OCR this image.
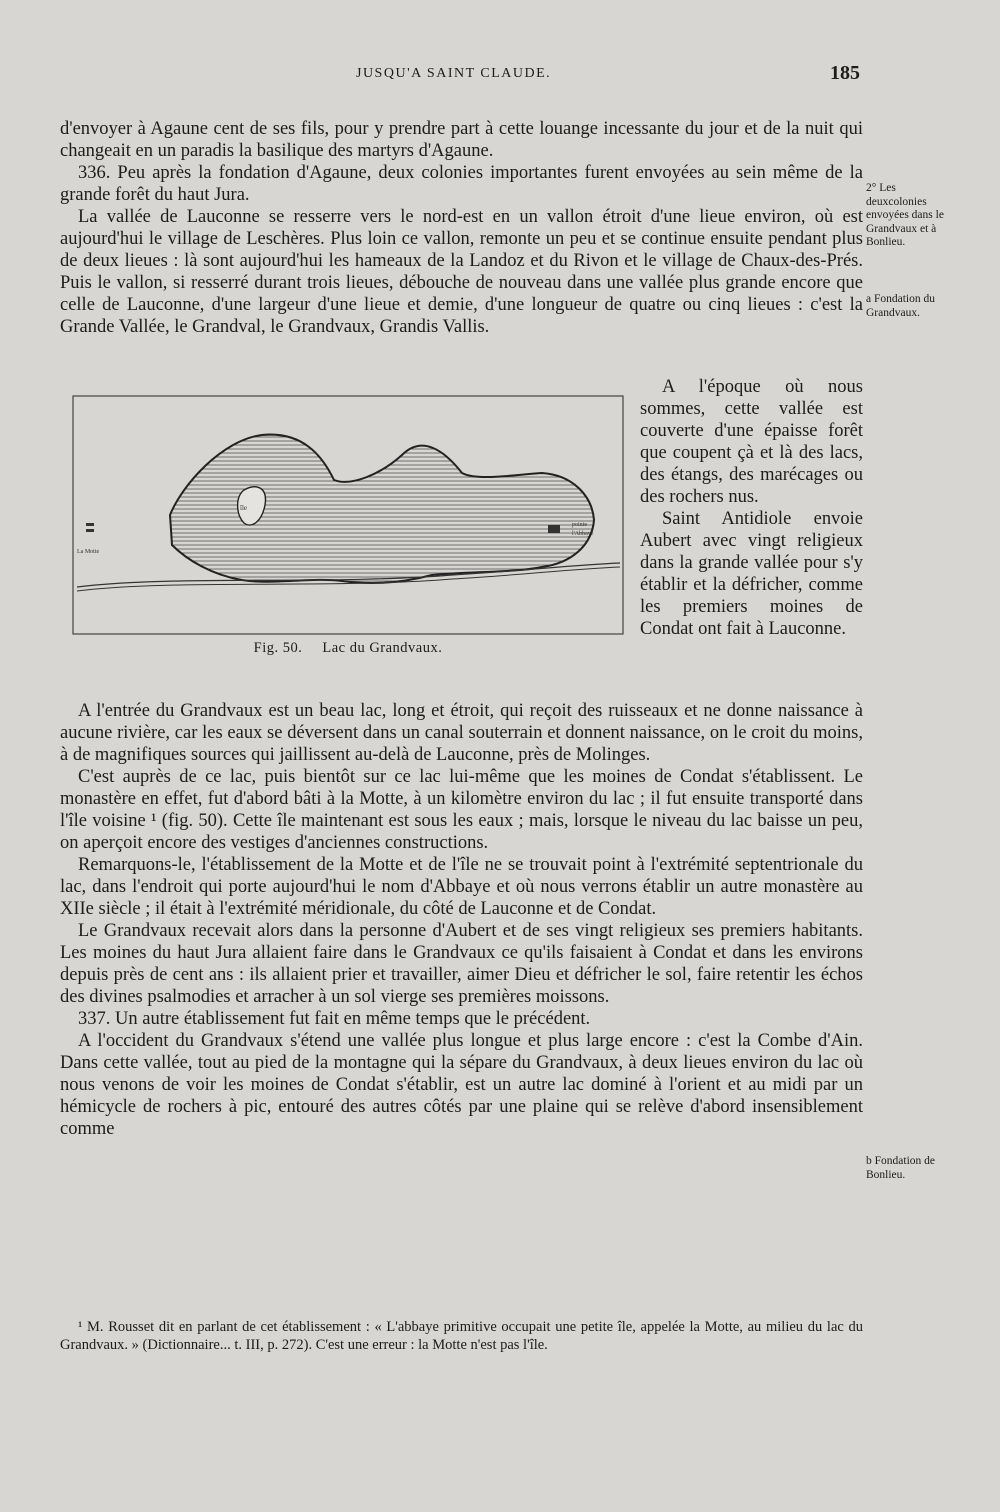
JUSQU'A SAINT CLAUDE.	185

d'envoyer à Agaune cent de ses fils, pour y prendre part à cette louange incessante du jour et de la nuit qui changeait en un paradis la basilique des martyrs d'Agaune.

336. Peu après la fondation d'Agaune, deux colonies importantes furent envoyées au sein même de la grande forêt du haut Jura.

La vallée de Lauconne se resserre vers le nord-est en un vallon étroit d'une lieue environ, où est aujourd'hui le village de Leschères. Plus loin ce vallon, remonte un peu et se continue ensuite pendant plus de deux lieues : là sont aujourd'hui les hameaux de la Landoz et du Rivon et le village de Chaux-des-Prés. Puis le vallon, si resserré durant trois lieues, débouche de nouveau dans une vallée plus grande encore que celle de Lauconne, d'une largeur d'une lieue et demie, d'une longueur de quatre ou cinq lieues : c'est la Grande Vallée, le Grandval, le Grandvaux, Grandis Vallis.

île
La Motte
pointe
l'Abbaye
Fig. 50. Lac du Grandvaux.

A l'époque où nous sommes, cette vallée est couverte d'une épaisse forêt que coupent çà et là des lacs, des étangs, des marécages ou des rochers nus.

Saint Antidiole envoie Aubert avec vingt religieux dans la grande vallée pour s'y établir et la défricher, comme les premiers moines de Condat ont fait à Lauconne.

A l'entrée du Grandvaux est un beau lac, long et étroit, qui reçoit des ruisseaux et ne donne naissance à aucune rivière, car les eaux se déversent dans un canal souterrain et donnent naissance, on le croit du moins, à de magnifiques sources qui jaillissent au-delà de Lauconne, près de Molinges.

C'est auprès de ce lac, puis bientôt sur ce lac lui-même que les moines de Condat s'établissent. Le monastère en effet, fut d'abord bâti à la Motte, à un kilomètre environ du lac ; il fut ensuite transporté dans l'île voisine ¹ (fig. 50). Cette île maintenant est sous les eaux ; mais, lorsque le niveau du lac baisse un peu, on aperçoit encore des vestiges d'anciennes constructions.

Remarquons-le, l'établissement de la Motte et de l'île ne se trouvait point à l'extrémité septentrionale du lac, dans l'endroit qui porte aujourd'hui le nom d'Abbaye et où nous verrons établir un autre monastère au XIIe siècle ; il était à l'extrémité méridionale, du côté de Lauconne et de Condat.

Le Grandvaux recevait alors dans la personne d'Aubert et de ses vingt religieux ses premiers habitants. Les moines du haut Jura allaient faire dans le Grandvaux ce qu'ils faisaient à Condat et dans les environs depuis près de cent ans : ils allaient prier et travailler, aimer Dieu et défricher le sol, faire retentir les échos des divines psalmodies et arracher à un sol vierge ses premières moissons.

337. Un autre établissement fut fait en même temps que le précédent.

A l'occident du Grandvaux s'étend une vallée plus longue et plus large encore : c'est la Combe d'Ain. Dans cette vallée, tout au pied de la montagne qui la sépare du Grandvaux, à deux lieues environ du lac où nous venons de voir les moines de Condat s'établir, est un autre lac dominé à l'orient et au midi par un hémicycle de rochers à pic, entouré des autres côtés par une plaine qui se relève d'abord insensiblement comme

2° Les deuxcolonies envoyées dans le Grandvaux et à Bonlieu.
a Fondation du Grandvaux.
b Fondation de Bonlieu.

¹ M. Rousset dit en parlant de cet établissement : « L'abbaye primitive occupait une petite île, appelée la Motte, au milieu du lac du Grandvaux. » (Dictionnaire... t. III, p. 272). C'est une erreur : la Motte n'est pas l'île.
